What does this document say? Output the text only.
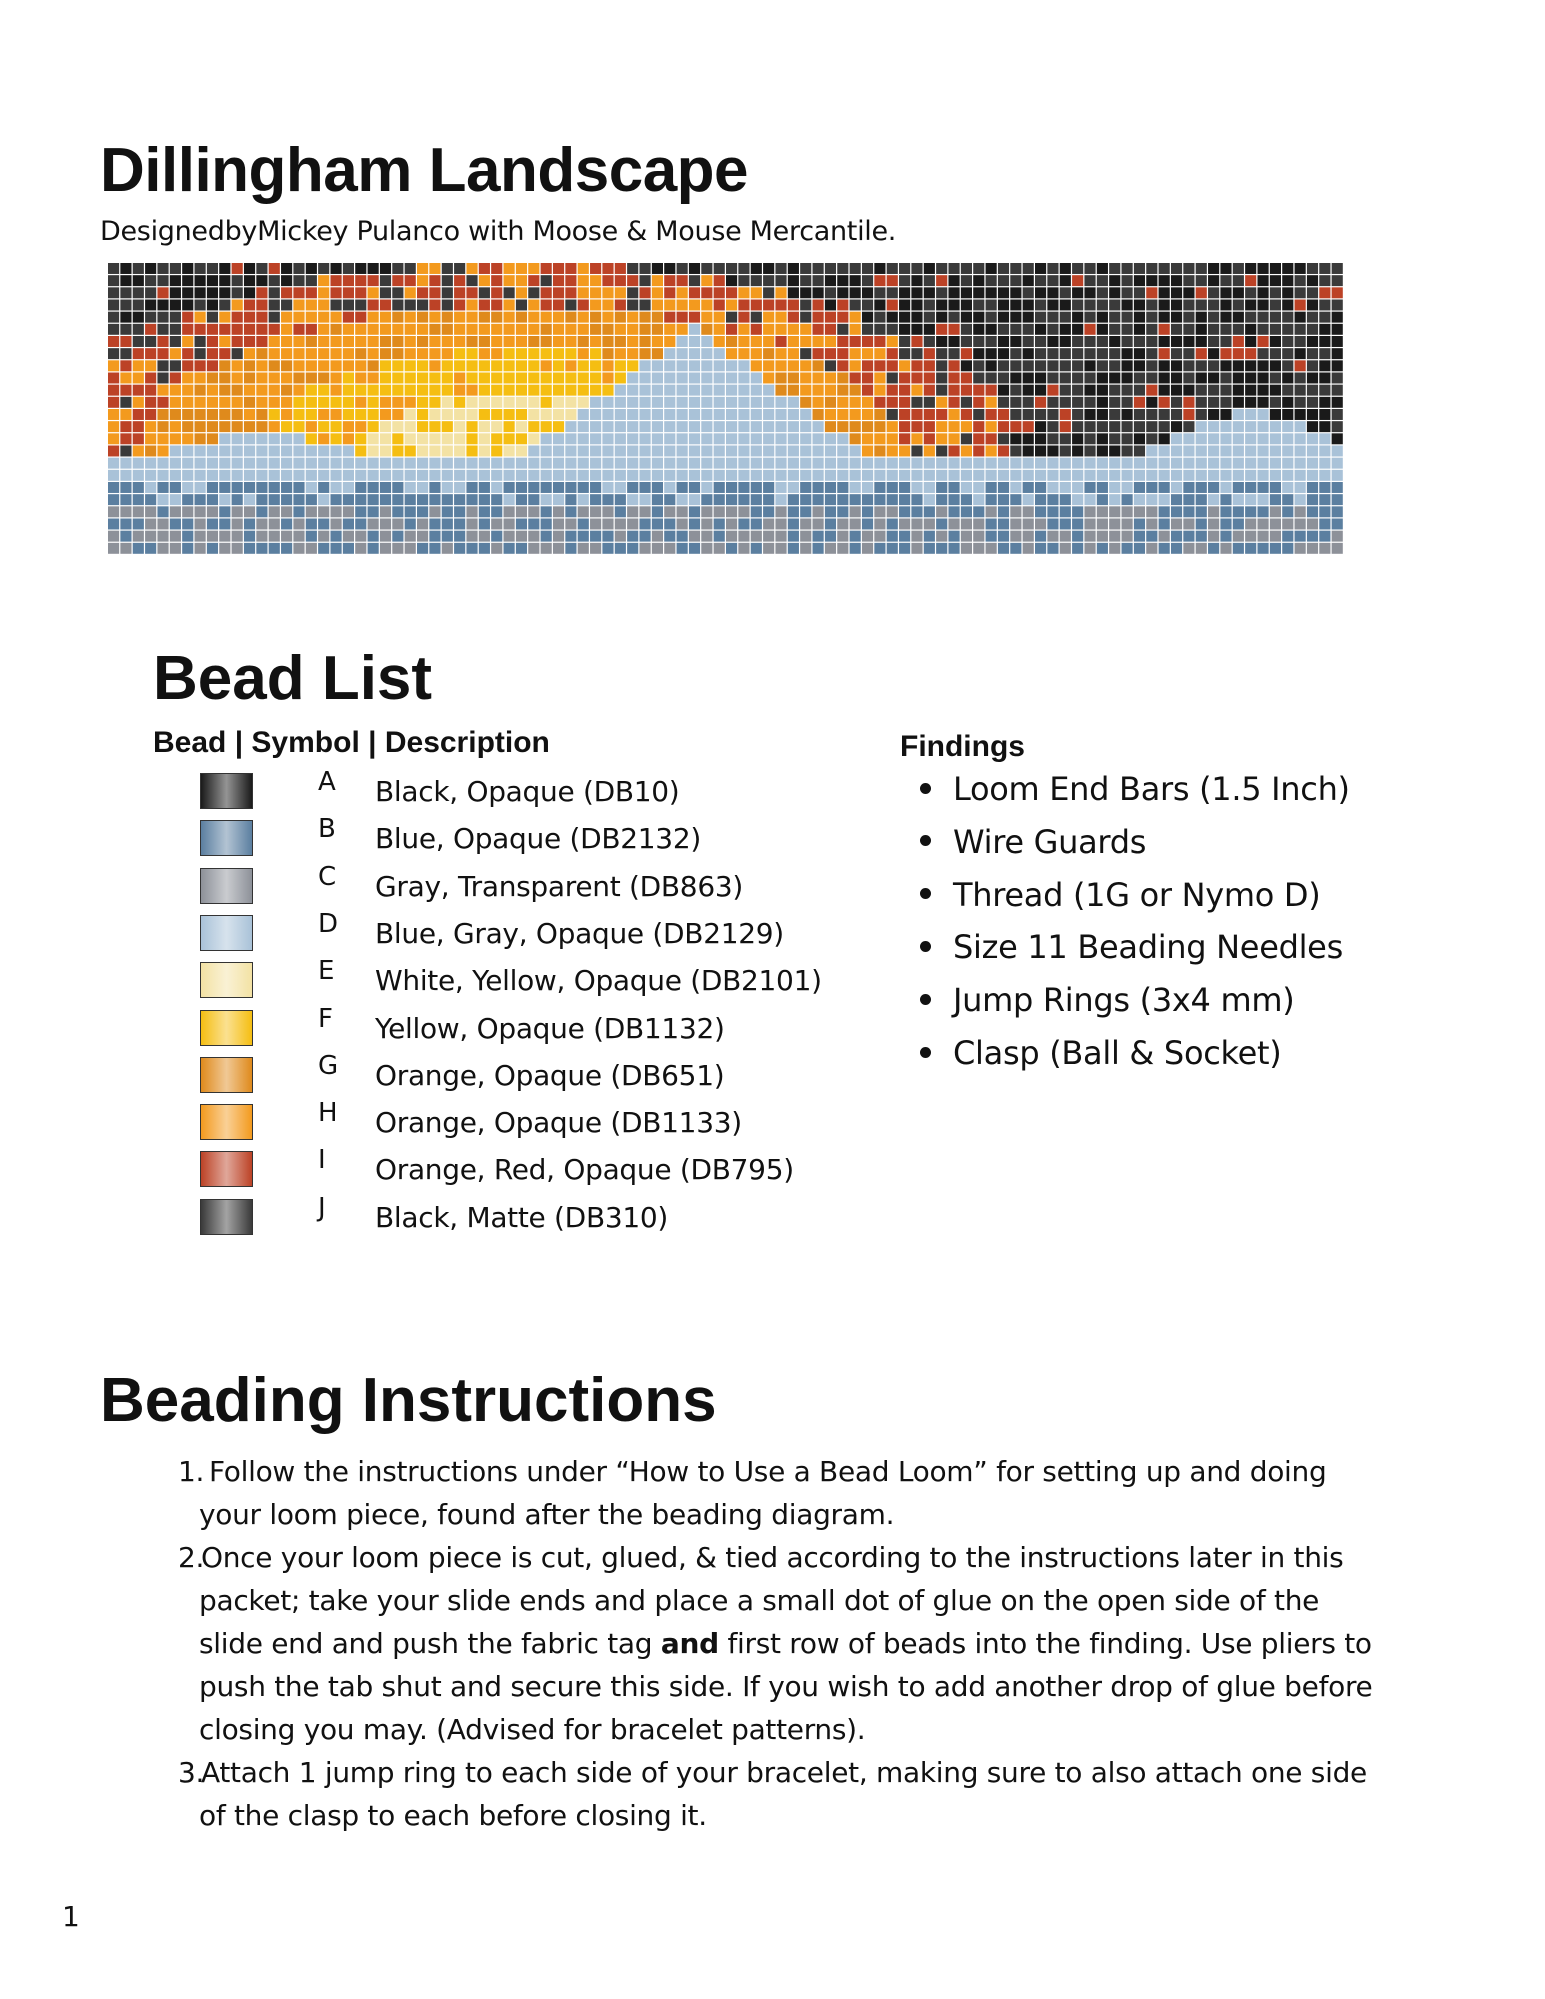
Dillingham Landscape
DesignedbyMickey Pulanco with Moose & Mouse Mercantile.
Bead List
Bead | Symbol | Description
A Black, Opaque (DB10)
B Blue, Opaque (DB2132)
C Gray, Transparent (DB863)
D Blue, Gray, Opaque (DB2129)
E White, Yellow, Opaque (DB2101)
F Yellow, Opaque (DB1132)
G Orange, Opaque (DB651)
H Orange, Opaque (DB1133)
I Orange, Red, Opaque (DB795)
J Black, Matte (DB310)
Findings
Loom End Bars (1.5 Inch)
Wire Guards
Thread (1G or Nymo D)
Size 11 Beading Needles
Jump Rings (3x4 mm)
Clasp (Ball & Socket)
Beading Instructions
1. Follow the instructions under “How to Use a Bead Loom” for setting up and doing
your loom piece, found after the beading diagram.
2.
Once your loom piece is cut, glued, & tied according to the instructions later in this
packet; take your slide ends and place a small dot of glue on the open side of the
slide end and push the fabric tag and first row of beads into the finding. Use pliers to
push the tab shut and secure this side. If you wish to add another drop of glue before
closing you may. (Advised for bracelet patterns).
3.
Attach 1 jump ring to each side of your bracelet, making sure to also attach one side
of the clasp to each before closing it.
1
